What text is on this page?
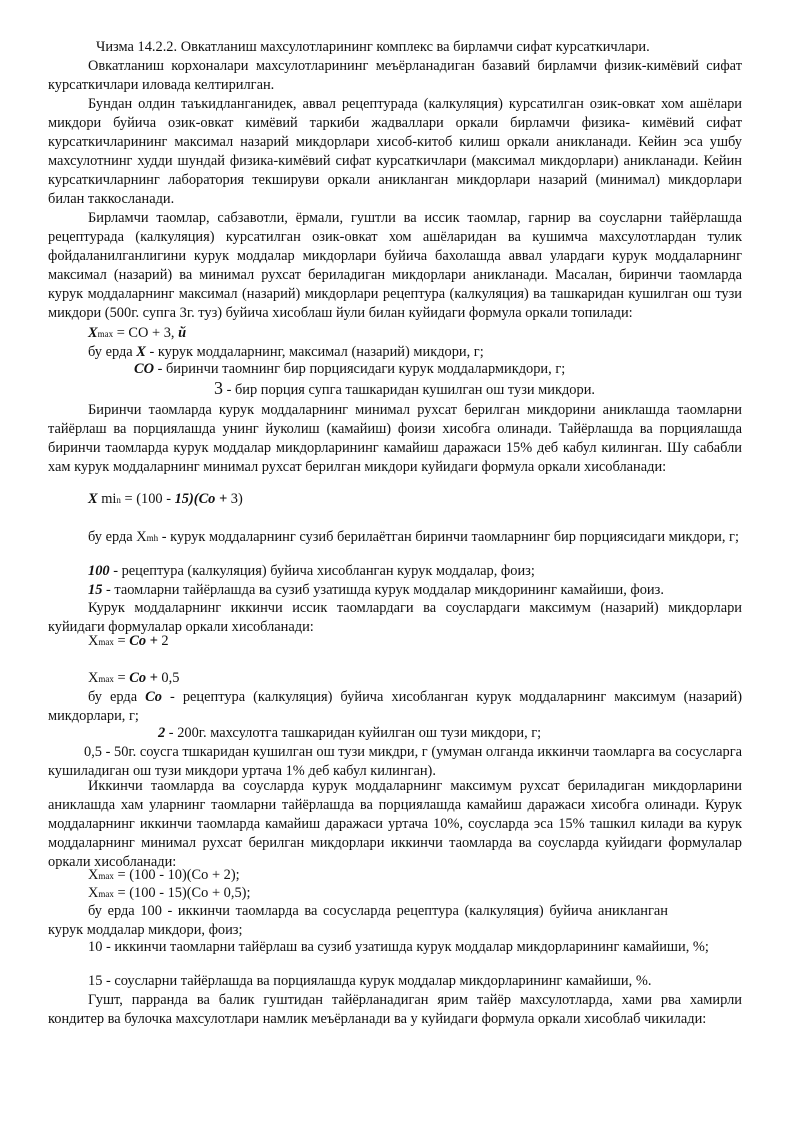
Чизма 14.2.2. Овкатланиш махсулотларининг комплекс ва бирламчи сифат курсаткичлари.

Овкатланиш корхоналари махсулотларининг меъёрланадиган базавий бирламчи физик-кимёвий сифат курсаткичлари иловада келтирилган.

Бундан олдин таъкидланганидек, аввал рецептурада (калкуляция) курсатилган озик-овкат хом ашёлари микдори буйича озик-овкат кимёвий таркиби жадваллари оркали бирламчи физика- кимёвий сифат курсаткичларининг максимал назарий микдорлари хисоб-китоб килиш оркали аникланади. Кейин эса ушбу махсулотнинг худди шундай физика-кимёвий сифат курсаткичлари (максимал микдорлари) аникланади. Кейин курсаткичларнинг лаборатория текшируви оркали аникланган микдорлари назарий (минимал) микдорлари билан таккосланади.

Бирламчи таомлар, сабзавотли, ёрмали, гуштли ва иссик таомлар, гарнир ва соусларни тайёрлашда рецептурада (калкуляция) курсатилган озик-овкат хом ашёларидан ва кушимча махсулотлардан тулик фойдаланилганлигини курук моддалар микдорлари буйича бахолашда аввал улардаги курук моддаларнинг максимал (назарий) ва минимал рухсат бериладиган микдорлари аникланади. Масалан, биринчи таомларда курук моддаларнинг максимал (назарий) микдорлари рецептура (калкуляция) ва ташкаридан кушилган ош тузи микдори (500г. супга 3г. туз) буйича хисоблаш йули билан куйидаги формула оркали топилади:

Xmax = CO + 3, й

бу ерда X - курук моддаларнинг, максимал (назарий) микдори, г;

CO - биринчи таомнинг бир порциясидаги курук моддалармикдори, г;

3 - бир порция супга ташкаридан кушилган ош тузи микдори.

Биринчи таомларда курук моддаларнинг минимал рухсат берилган микдорини аниклашда таомларни тайёрлаш ва порциялашда унинг йуколиш (камайиш) фоизи хисобга олинади. Тайёрлашда ва порциялашда биринчи таомларда курук моддалар микдорларининг камайиш даражаси 15% деб кабул килинган. Шу сабабли хам курук моддаларнинг минимал рухсат берилган микдори куйидаги формула оркали хисобланади:

X min = (100 - 15)(Co + 3)

бу ерда Xmh - курук моддаларнинг сузиб берилаётган биринчи таомларнинг бир порциясидаги микдори, г;

100 - рецептура (калкуляция) буйича хисобланган курук моддалар, фоиз;

15 - таомларни тайёрлашда ва сузиб узатишда курук моддалар микдорининг камайиши, фоиз.

Курук моддаларнинг иккинчи иссик таомлардаги ва соуслардаги максимум (назарий) микдорлари куйидаги формулалар оркали хисобланади:

Xmax = Co + 2

Xmax = Co + 0,5

бу ерда Co - рецептура (калкуляция) буйича хисобланган курук моддаларнинг максимум (назарий) микдорлари, г;

2 - 200г. махсулотга ташкаридан куйилган ош тузи микдори, г;

0,5 - 50г. соусга тшкаридан кушилган ош тузи микдри, г (умуман олганда иккинчи таомларга ва сосусларга кушиладиган ош тузи микдори уртача 1% деб кабул килинган).

Иккинчи таомларда ва соусларда курук моддаларнинг максимум рухсат бериладиган микдорларини аниклашда хам уларнинг таомларни тайёрлашда ва порциялашда камайиш даражаси хисобга олинади. Курук моддаларнинг иккинчи таомларда камайиш даражаси уртача 10%, соусларда эса 15% ташкил килади ва курук моддаларнинг минимал рухсат берилган микдорлари иккинчи таомларда ва соусларда куйидаги формулалар оркали хисобланади:

Xmax = (100 - 10)(Co + 2);

Xmax = (100 - 15)(Co + 0,5);

бу ерда 100 - иккинчи таомларда ва сосусларда рецептура (калкуляция) буйича аникланган курук моддалар микдори, фоиз;

10 - иккинчи таомларни тайёрлаш ва сузиб узатишда курук моддалар микдорларининг камайиши, %;

15 - соусларни тайёрлашда ва порциялашда курук моддалар микдорларининг камайиши, %.

Гушт, парранда ва балик гуштидан тайёрланадиган ярим тайёр махсулотларда, хами рва хамирли кондитер ва булочка махсулотлари намлик меъёрланади ва у куйидаги формула оркали хисоблаб чикилади:
